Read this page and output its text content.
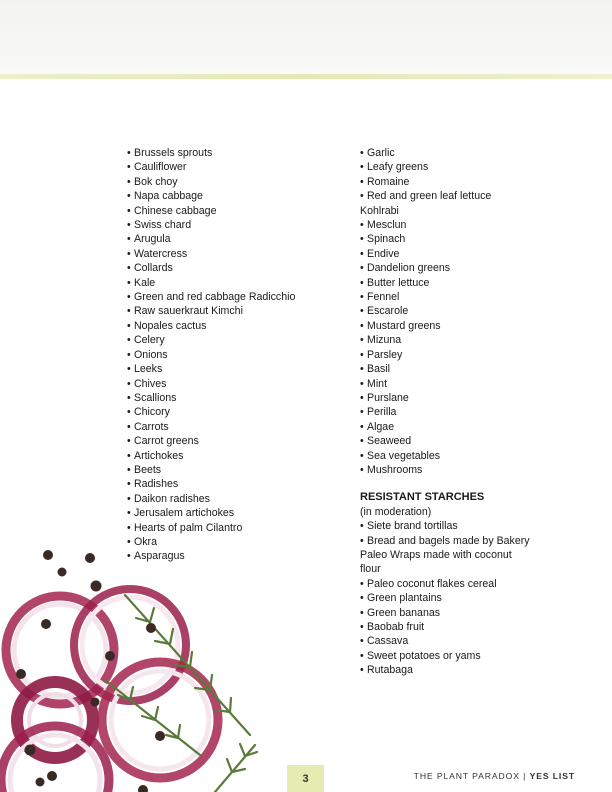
• Brussels sprouts
• Cauliflower
• Bok choy
• Napa cabbage
• Chinese cabbage
• Swiss chard
• Arugula
• Watercress
• Collards
• Kale
• Green and red cabbage Radicchio
• Raw sauerkraut Kimchi
• Nopales cactus
• Celery
• Onions
• Leeks
• Chives
• Scallions
• Chicory
• Carrots
• Carrot greens
• Artichokes
• Beets
• Radishes
• Daikon radishes
• Jerusalem artichokes
• Hearts of palm Cilantro
• Okra
• Asparagus
• Garlic
• Leafy greens
• Romaine
• Red and green leaf lettuce
Kohlrabi
• Mesclun
• Spinach
• Endive
• Dandelion greens
• Butter lettuce
• Fennel
• Escarole
• Mustard greens
• Mizuna
• Parsley
• Basil
• Mint
• Purslane
• Perilla
• Algae
• Seaweed
• Sea vegetables
• Mushrooms
RESISTANT STARCHES
(in moderation)
• Siete brand tortillas
• Bread and bagels made by Bakery
Paleo Wraps made with coconut
flour
• Paleo coconut flakes cereal
• Green plantains
• Green bananas
• Baobab fruit
• Cassava
• Sweet potatoes or yams
• Rutabaga
3	THE PLANT PARADOX | YES LIST
